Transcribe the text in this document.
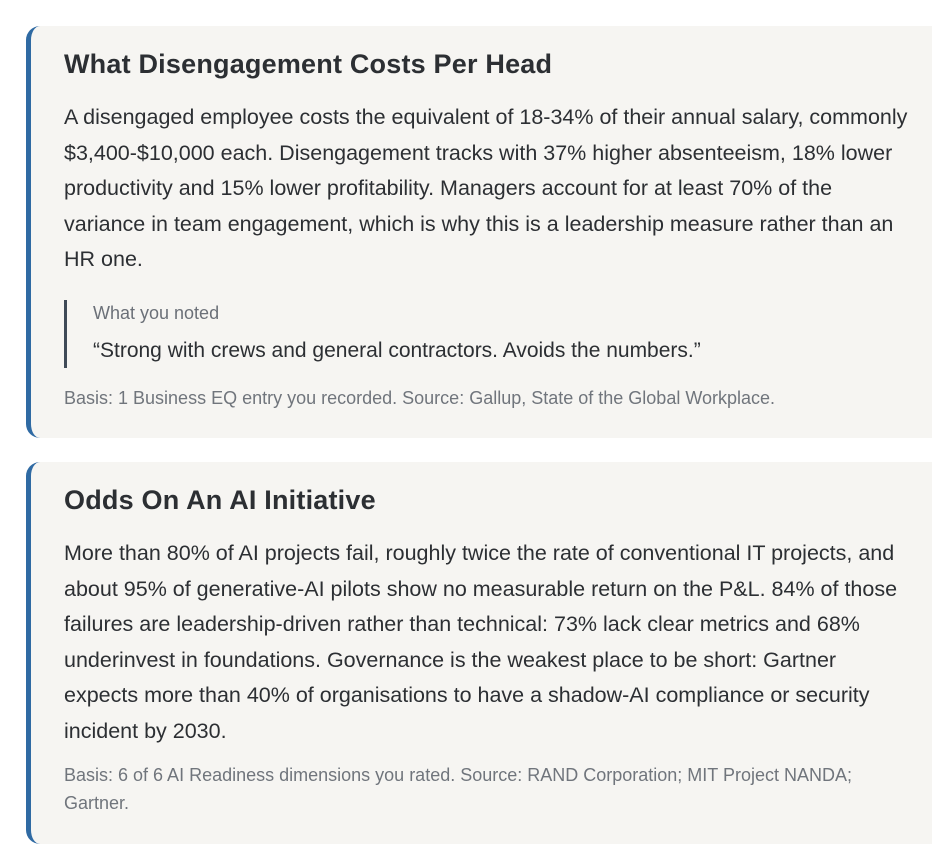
What Disengagement Costs Per Head

A disengaged employee costs the equivalent of 18-34% of their annual salary, commonly $3,400-$10,000 each. Disengagement tracks with 37% higher absenteeism, 18% lower productivity and 15% lower profitability. Managers account for at least 70% of the variance in team engagement, which is why this is a leadership measure rather than an HR one.

What you noted
“Strong with crews and general contractors. Avoids the numbers.”
Basis: 1 Business EQ entry you recorded. Source: Gallup, State of the Global Workplace.
Odds On An AI Initiative

More than 80% of AI projects fail, roughly twice the rate of conventional IT projects, and about 95% of generative-AI pilots show no measurable return on the P&L. 84% of those failures are leadership-driven rather than technical: 73% lack clear metrics and 68% underinvest in foundations. Governance is the weakest place to be short: Gartner expects more than 40% of organisations to have a shadow-AI compliance or security incident by 2030.

Basis: 6 of 6 AI Readiness dimensions you rated. Source: RAND Corporation; MIT Project NANDA; Gartner.
